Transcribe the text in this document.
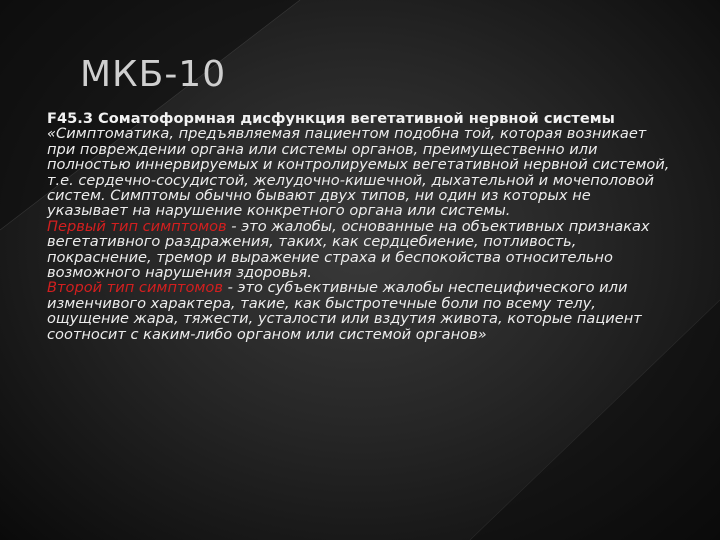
МКБ-10

F45.3 Соматоформная дисфункция вегетативной нервной системы

«Симптоматика, предъявляемая пациентом подобна той, которая возникает при повреждении органа или системы органов, преимущественно или полностью иннервируемых и контролируемых вегетативной нервной системой, т.е. сердечно-сосудистой, желудочно-кишечной, дыхательной и мочеполовой систем. Симптомы обычно бывают двух типов, ни один из которых не указывает на нарушение конкретного органа или системы.

Первый тип симптомов - это жалобы, основанные на объективных признаках вегетативного раздражения, таких, как сердцебиение, потливость, покраснение, тремор и выражение страха и беспокойства относительно возможного нарушения здоровья.

Второй тип симптомов - это субъективные жалобы неспецифического или изменчивого характера, такие, как быстротечные боли по всему телу, ощущение жара, тяжести, усталости или вздутия живота, которые пациент соотносит с каким-либо органом или системой органов»
